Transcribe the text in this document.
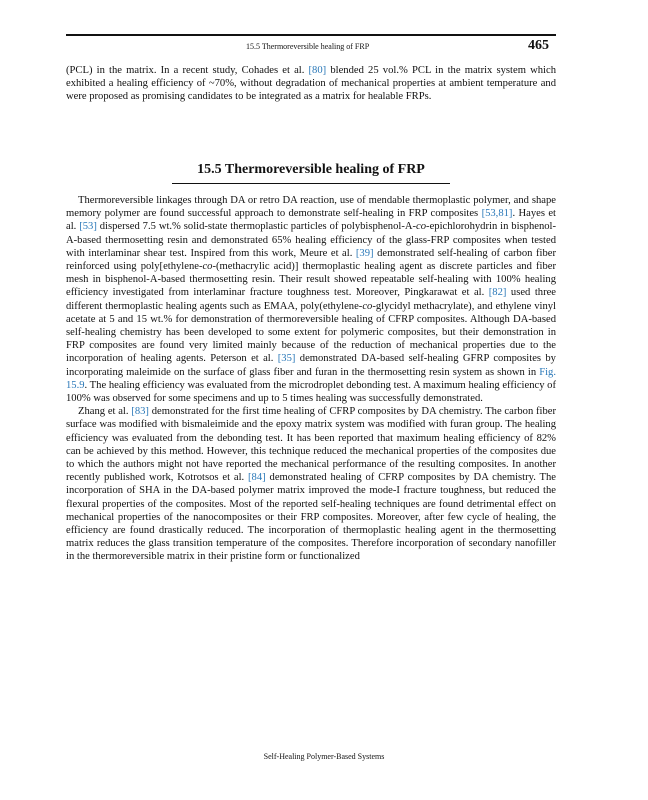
15.5 Thermoreversible healing of FRP	465
(PCL) in the matrix. In a recent study, Cohades et al. [80] blended 25 vol.% PCL in the matrix system which exhibited a healing efficiency of ~70%, without degradation of mechanical properties at ambient temperature and were proposed as promising candidates to be integrated as a matrix for healable FRPs.
15.5 Thermoreversible healing of FRP

Thermoreversible linkages through DA or retro DA reaction, use of mendable thermoplastic polymer, and shape memory polymer are found successful approach to demonstrate self-healing in FRP composites [53,81]. Hayes et al. [53] dispersed 7.5 wt.% solid-state thermoplastic particles of polybisphenol-A-co-epichlorohydrin in bisphenol-A-based thermosetting resin and demonstrated 65% healing efficiency of the glass-FRP composites when tested with interlaminar shear test. Inspired from this work, Meure et al. [39] demonstrated self-healing of carbon fiber reinforced using poly[ethylene-co-(methacrylic acid)] thermoplastic healing agent as discrete particles and fiber mesh in bisphenol-A-based thermosetting resin. Their result showed repeatable self-healing with 100% healing efficiency investigated from interlaminar fracture toughness test. Moreover, Pingkarawat et al. [82] used three different thermoplastic healing agents such as EMAA, poly(ethylene-co-glycidyl methacrylate), and ethylene vinyl acetate at 5 and 15 wt.% for demonstration of thermoreversible healing of CFRP composites. Although DA-based self-healing chemistry has been developed to some extent for polymeric composites, but their demonstration in FRP composites are found very limited mainly because of the reduction of mechanical properties due to the incorporation of healing agents. Peterson et al. [35] demonstrated DA-based self-healing GFRP composites by incorporating maleimide on the surface of glass fiber and furan in the thermosetting resin system as shown in Fig. 15.9. The healing efficiency was evaluated from the microdroplet debonding test. A maximum healing efficiency of 100% was observed for some specimens and up to 5 times healing was successfully demonstrated.

Zhang et al. [83] demonstrated for the first time healing of CFRP composites by DA chemistry. The carbon fiber surface was modified with bismaleimide and the epoxy matrix system was modified with furan group. The healing efficiency was evaluated from the debonding test. It has been reported that maximum healing efficiency of 82% can be achieved by this method. However, this technique reduced the mechanical properties of the composites due to which the authors might not have reported the mechanical performance of the resulting composites. In another recently published work, Kotrotsos et al. [84] demonstrated healing of CFRP composites by DA chemistry. The incorporation of SHA in the DA-based polymer matrix improved the mode-I fracture toughness, but reduced the flexural properties of the composites. Most of the reported self-healing techniques are found detrimental effect on mechanical properties of the nanocomposites or their FRP composites. Moreover, after few cycle of healing, the efficiency are found drastically reduced. The incorporation of thermoplastic healing agent in the thermosetting matrix reduces the glass transition temperature of the composites. Therefore incorporation of secondary nanofiller in the thermoreversible matrix in their pristine form or functionalized

Self-Healing Polymer-Based Systems
